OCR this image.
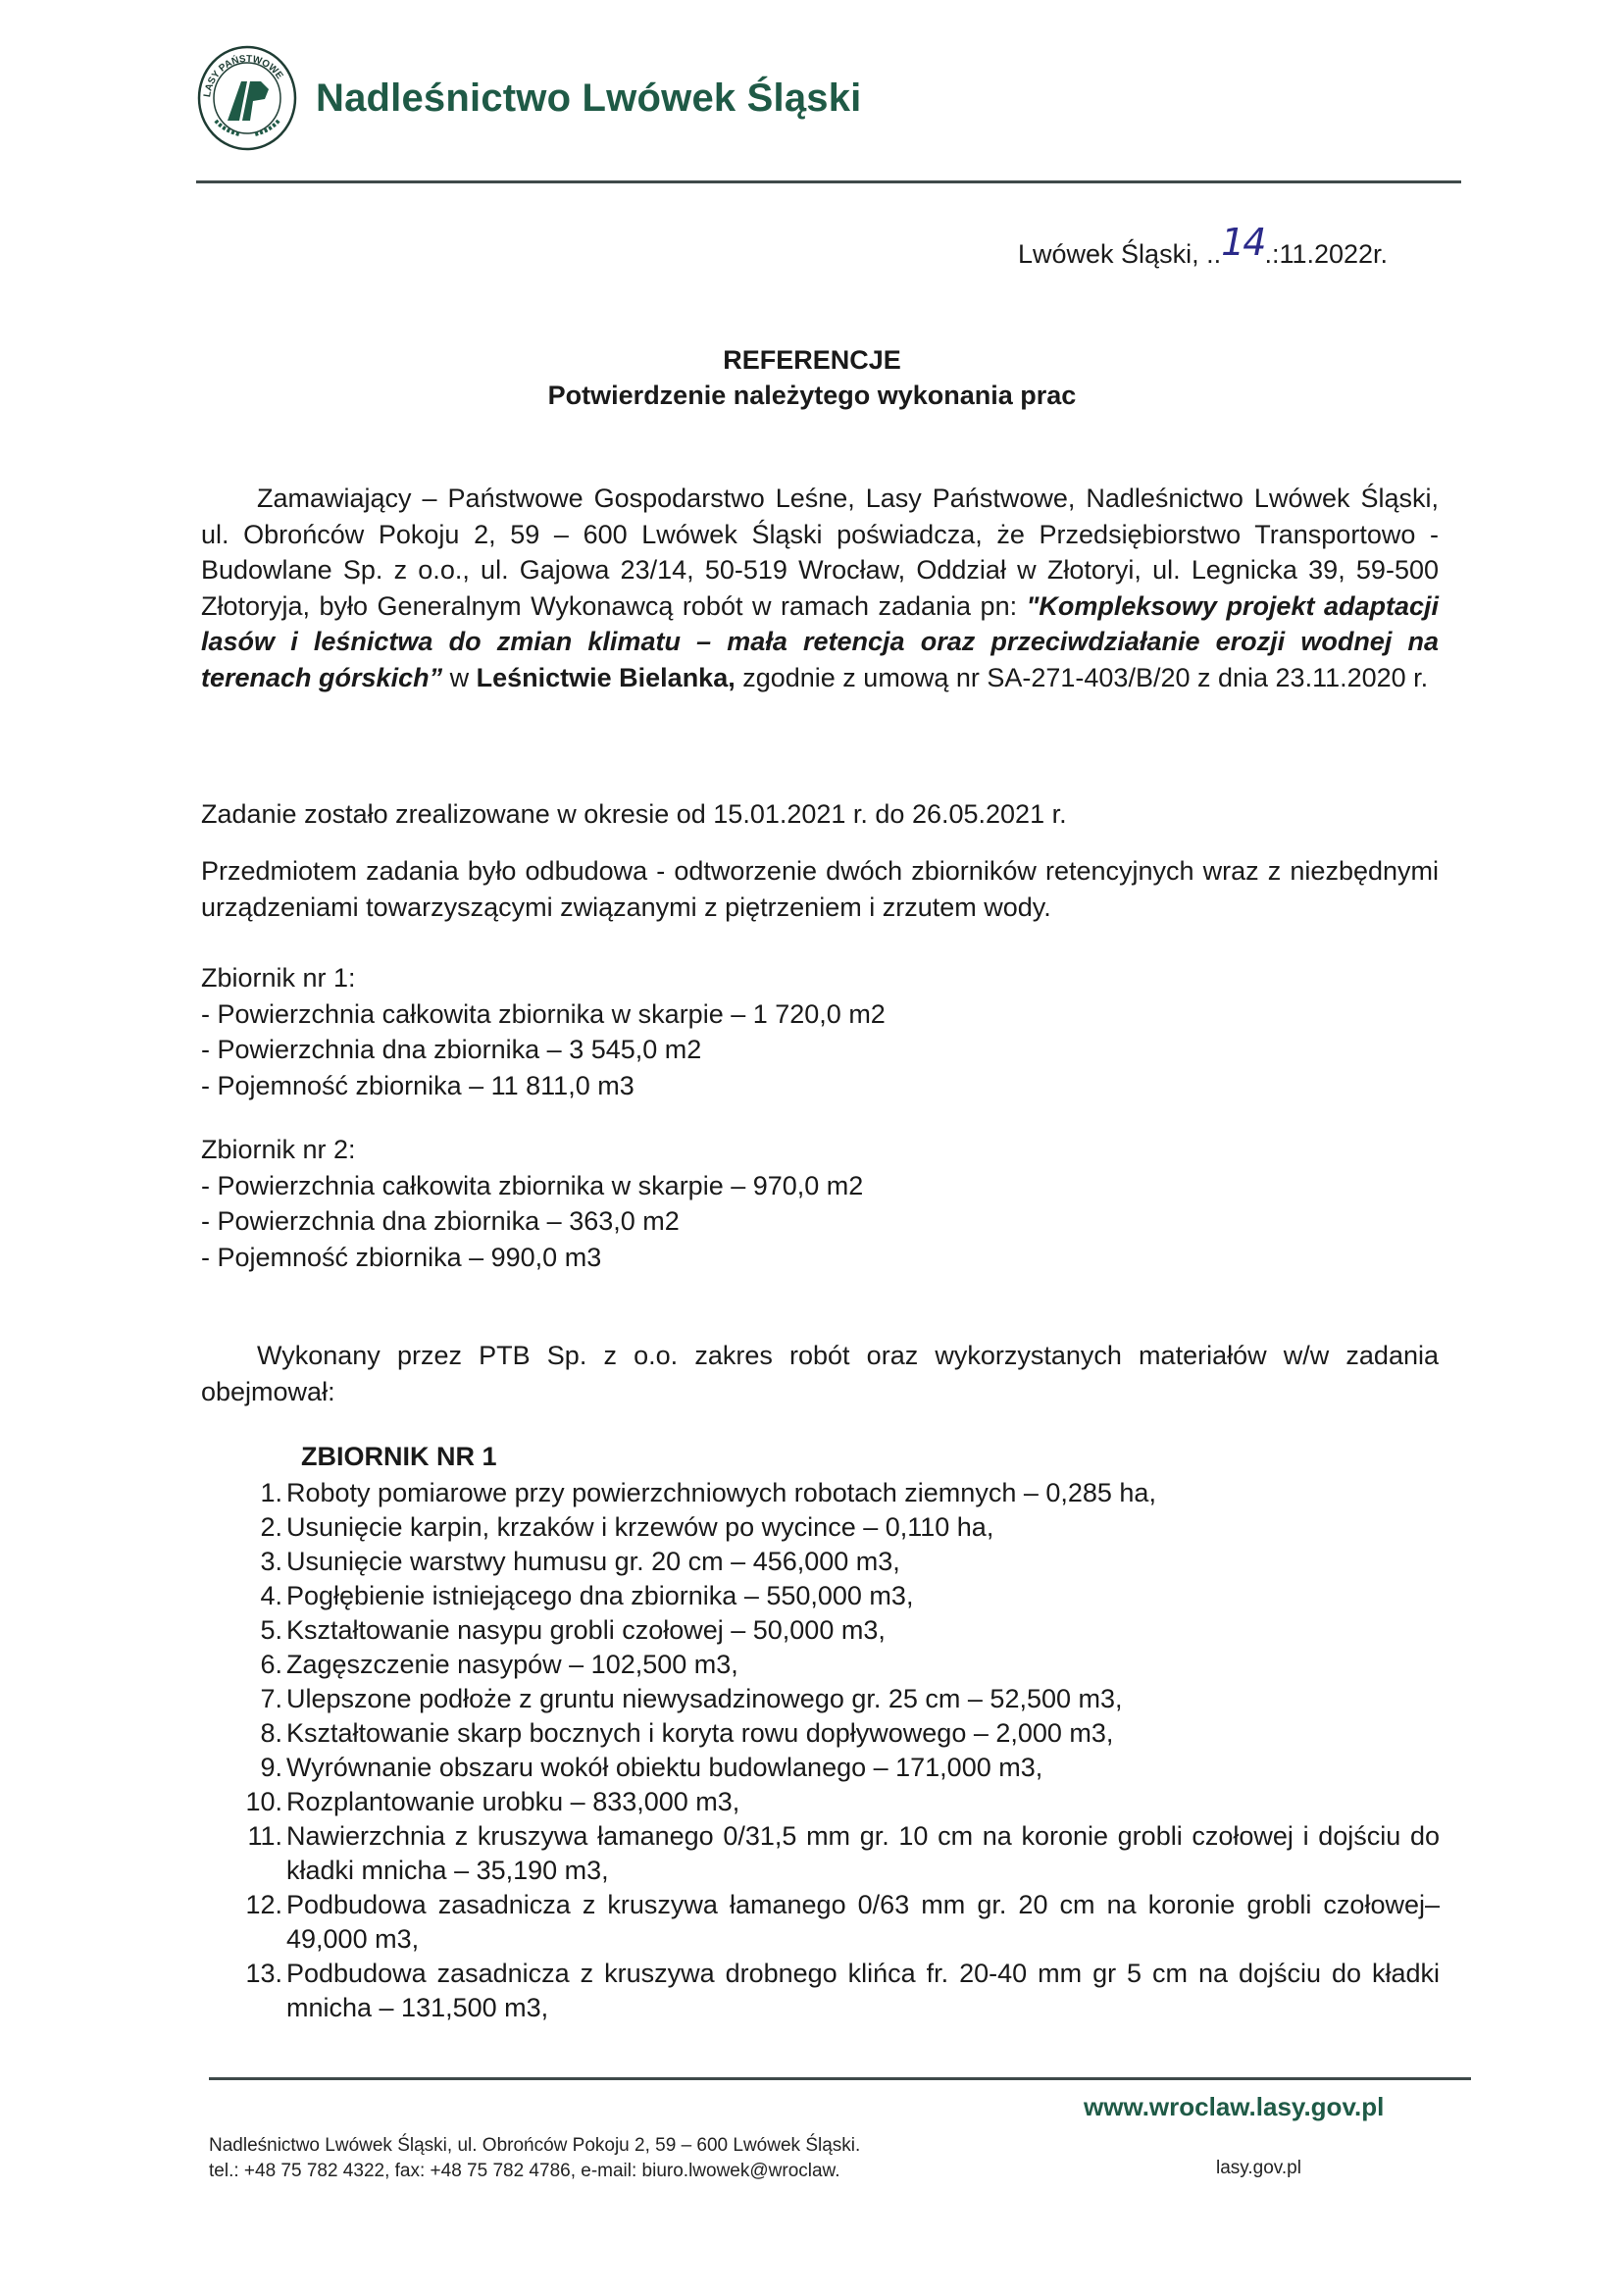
LASY PAŃSTWOWE
Nadleśnictwo Lwówek Śląski
Lwówek Śląski, ..14.:11.2022r.
REFERENCJE
Potwierdzenie należytego wykonania prac
Zamawiający – Państwowe Gospodarstwo Leśne, Lasy Państwowe, Nadleśnictwo Lwówek Śląski, ul. Obrońców Pokoju 2, 59 – 600 Lwówek Śląski poświadcza, że Przedsiębiorstwo Transportowo - Budowlane Sp. z o.o., ul. Gajowa 23/14, 50-519 Wrocław, Oddział w Złotoryi, ul. Legnicka 39, 59-500 Złotoryja, było Generalnym Wykonawcą robót w ramach zadania pn: "Kompleksowy projekt adaptacji lasów i leśnictwa do zmian klimatu – mała retencja oraz przeciwdziałanie erozji wodnej na terenach górskich” w Leśnictwie Bielanka, zgodnie z umową nr SA-271-403/B/20 z dnia 23.11.2020 r.
Zadanie zostało zrealizowane w okresie od 15.01.2021 r. do 26.05.2021 r.
Przedmiotem zadania było odbudowa - odtworzenie dwóch zbiorników retencyjnych wraz z niezbędnymi urządzeniami towarzyszącymi związanymi z piętrzeniem i zrzutem wody.
Zbiornik nr 1:
- Powierzchnia całkowita zbiornika w skarpie – 1 720,0 m2
- Powierzchnia dna zbiornika – 3 545,0 m2
- Pojemność zbiornika – 11 811,0 m3
Zbiornik nr 2:
- Powierzchnia całkowita zbiornika w skarpie – 970,0 m2
- Powierzchnia dna zbiornika – 363,0 m2
- Pojemność zbiornika – 990,0 m3
Wykonany przez PTB Sp. z o.o. zakres robót oraz wykorzystanych materiałów w/w zadania obejmował:
ZBIORNIK NR 1
1. Roboty pomiarowe przy powierzchniowych robotach ziemnych – 0,285 ha,
2. Usunięcie karpin, krzaków i krzewów po wycince – 0,110 ha,
3. Usunięcie warstwy humusu gr. 20 cm – 456,000 m3,
4. Pogłębienie istniejącego dna zbiornika – 550,000 m3,
5. Kształtowanie nasypu grobli czołowej – 50,000 m3,
6. Zagęszczenie nasypów – 102,500 m3,
7. Ulepszone podłoże z gruntu niewysadzinowego gr. 25 cm – 52,500 m3,
8. Kształtowanie skarp bocznych i koryta rowu dopływowego – 2,000 m3,
9. Wyrównanie obszaru wokół obiektu budowlanego – 171,000 m3,
10. Rozplantowanie urobku – 833,000 m3,
11. Nawierzchnia z kruszywa łamanego 0/31,5 mm gr. 10 cm na koronie grobli czołowej i dojściu do kładki mnicha – 35,190 m3,
12. Podbudowa zasadnicza z kruszywa łamanego 0/63 mm gr. 20 cm na koronie grobli czołowej– 49,000 m3,
13. Podbudowa zasadnicza z kruszywa drobnego klińca fr. 20-40 mm gr 5 cm na dojściu do kładki mnicha – 131,500 m3,
www.wroclaw.lasy.gov.pl
Nadleśnictwo Lwówek Śląski, ul. Obrońców Pokoju 2, 59 – 600 Lwówek Śląski.
tel.: +48 75 782 4322, fax: +48 75 782 4786, e-mail: biuro.lwowek@wroclaw.	lasy.gov.pl
